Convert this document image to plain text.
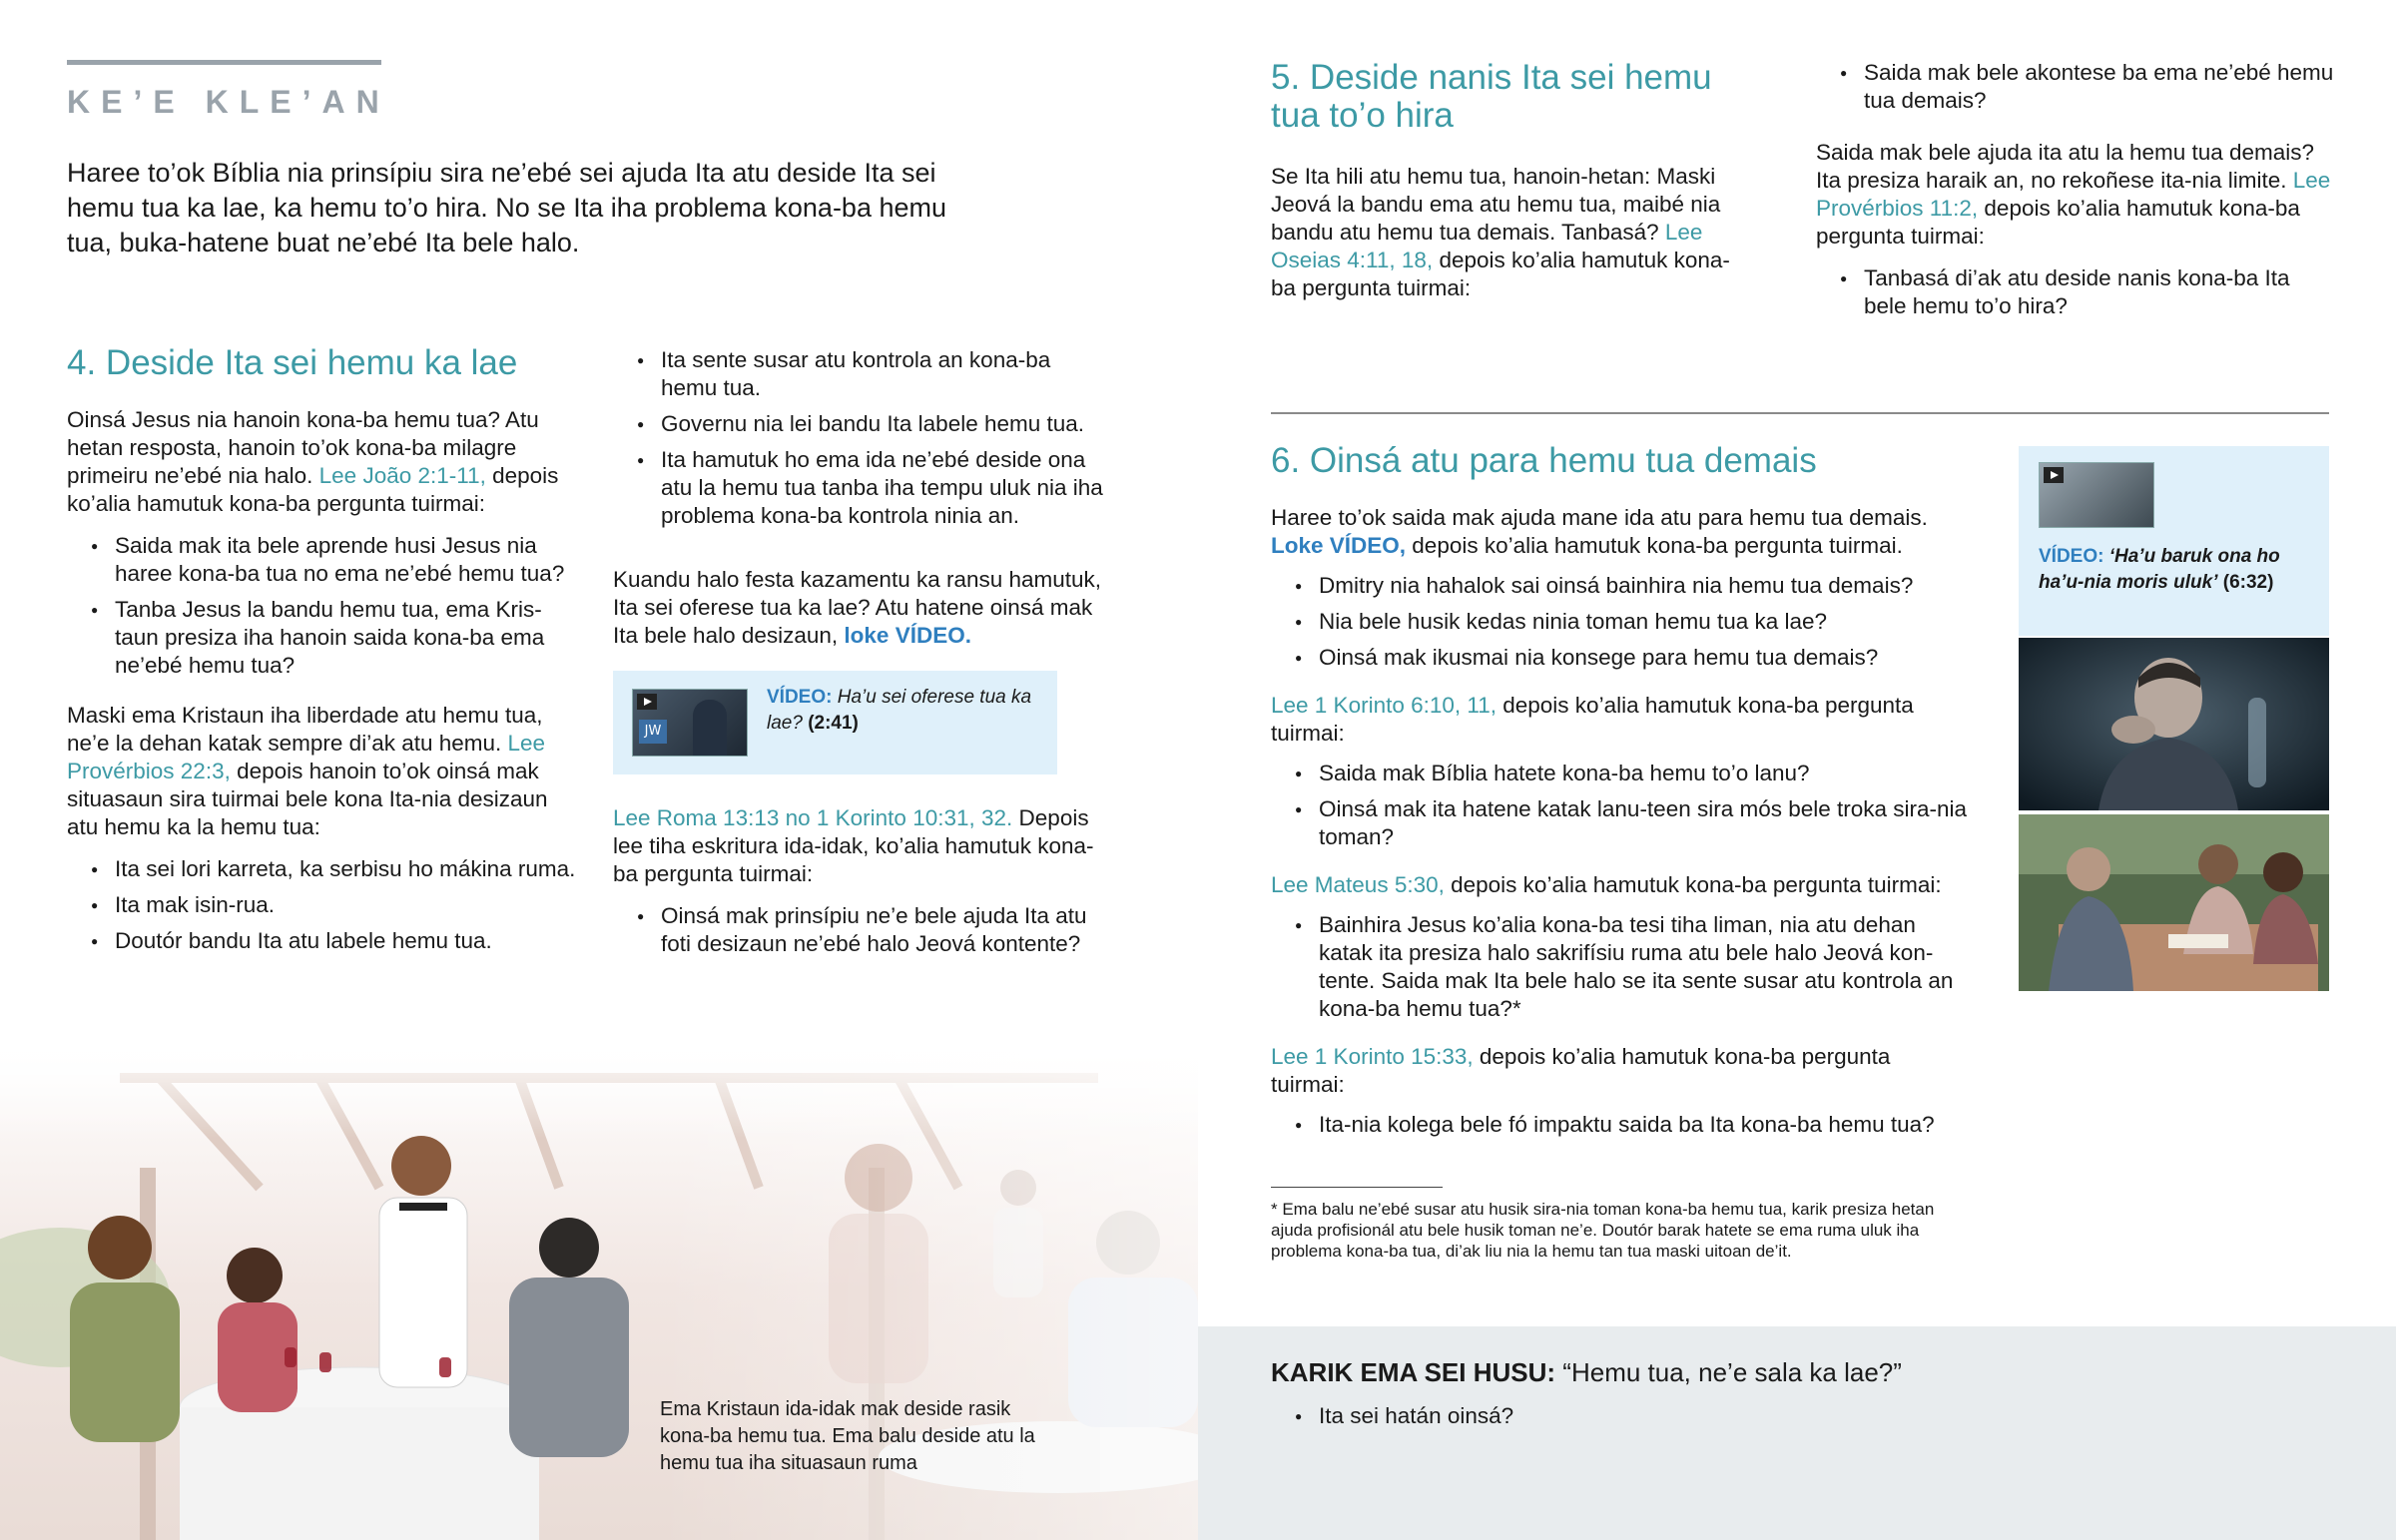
KE’E KLE’AN

Haree to’ok Bíblia nia prinsípiu sira ne’ebé sei ajuda Ita atu deside Ita sei hemu tua ka lae, ka hemu to’o hira. No se Ita iha problema kona-ba hemu tua, buka-hatene buat ne’ebé Ita bele halo.

4. Deside Ita sei hemu ka lae

Oinsá Jesus nia hanoin kona-ba hemu tua? Atu hetan resposta, hanoin to’ok kona-ba milagre primeiru ne’ebé nia halo. Lee João 2:1-11, depois ko’alia hamutuk kona-ba pergunta tuirmai:

● Saida mak ita bele aprende husi Jesus nia haree kona-ba tua no ema ne’ebé hemu tua?
● Tanba Jesus la bandu hemu tua, ema Kris-taun presiza iha hanoin saida kona-ba ema ne’ebé hemu tua?

Maski ema Kristaun iha liberdade atu hemu tua, ne’e la dehan katak sempre di’ak atu hemu. Lee Provérbios 22:3, depois hanoin to’ok oinsá mak situasaun sira tuirmai bele kona Ita-nia desizaun atu hemu ka la hemu tua:

● Ita sei lori karreta, ka serbisu ho mákina ruma.
● Ita mak isin-rua.
● Doutór bandu Ita atu labele hemu tua.
● Ita sente susar atu kontrola an kona-ba hemu tua.
● Governu nia lei bandu Ita labele hemu tua.
● Ita hamutuk ho ema ida ne’ebé deside ona atu la hemu tua tanba iha tempu uluk nia iha problema kona-ba kontrola ninia an.

Kuandu halo festa kazamentu ka ransu hamutuk, Ita sei oferese tua ka lae? Atu hatene oinsá mak Ita bele halo desizaun, loke VÍDEO.

JW
VÍDEO: Ha’u sei oferese tua ka lae? (2:41)

Lee Roma 13:13 no 1 Korinto 10:31, 32. Depois lee tiha eskritura ida-idak, ko’alia hamutuk kona-ba pergunta tuirmai:

● Oinsá mak prinsípiu ne’e bele ajuda Ita atu foti desizaun ne’ebé halo Jeová kontente?

Ema Kristaun ida-idak mak deside rasik kona-ba hemu tua. Ema balu deside atu la hemu tua iha situasaun ruma

5. Deside nanis Ita sei hemu tua to’o hira

Se Ita hili atu hemu tua, hanoin-hetan: Maski Jeová la bandu ema atu hemu tua, maibé nia bandu atu hemu tua demais. Tanbasá? Lee Oseias 4:11, 18, depois ko’alia hamutuk kona-ba pergunta tuirmai:

● Saida mak bele akontese ba ema ne’ebé hemu tua demais?

Saida mak bele ajuda ita atu la hemu tua demais? Ita presiza haraik an, no rekoñese ita-nia limite. Lee Provérbios 11:2, depois ko’alia hamutuk kona-ba pergunta tuirmai:

● Tanbasá di’ak atu deside nanis kona-ba Ita bele hemu to’o hira?
6. Oinsá atu para hemu tua demais

Haree to’ok saida mak ajuda mane ida atu para hemu tua demais. Loke VÍDEO, depois ko’alia hamutuk kona-ba pergunta tuirmai.

● Dmitry nia hahalok sai oinsá bainhira nia hemu tua demais?
● Nia bele husik kedas ninia toman hemu tua ka lae?
● Oinsá mak ikusmai nia konsege para hemu tua demais?

Lee 1 Korinto 6:10, 11, depois ko’alia hamutuk kona-ba pergunta tuirmai:

● Saida mak Bíblia hatete kona-ba hemu to’o lanu?
● Oinsá mak ita hatene katak lanu-teen sira mós bele troka sira-nia toman?

Lee Mateus 5:30, depois ko’alia hamutuk kona-ba pergunta tuirmai:

● Bainhira Jesus ko’alia kona-ba tesi tiha liman, nia atu dehan katak ita presiza halo sakrifísiu ruma atu bele halo Jeová kon-tente. Saida mak Ita bele halo se ita sente susar atu kontrola an kona-ba hemu tua?*

Lee 1 Korinto 15:33, depois ko’alia hamutuk kona-ba pergunta tuirmai:

● Ita-nia kolega bele fó impaktu saida ba Ita kona-ba hemu tua?

* Ema balu ne’ebé susar atu husik sira-nia toman kona-ba hemu tua, karik presiza hetan ajuda profisionál atu bele husik toman ne’e. Doutór barak hatete se ema ruma uluk iha problema kona-ba tua, di’ak liu nia la hemu tan tua maski uitoan de’it.

VÍDEO: ‘Ha’u baruk ona ho ha’u-nia moris uluk’ (6:32)
KARIK EMA SEI HUSU: “Hemu tua, ne’e sala ka lae?”
● Ita sei hatán oinsá?
